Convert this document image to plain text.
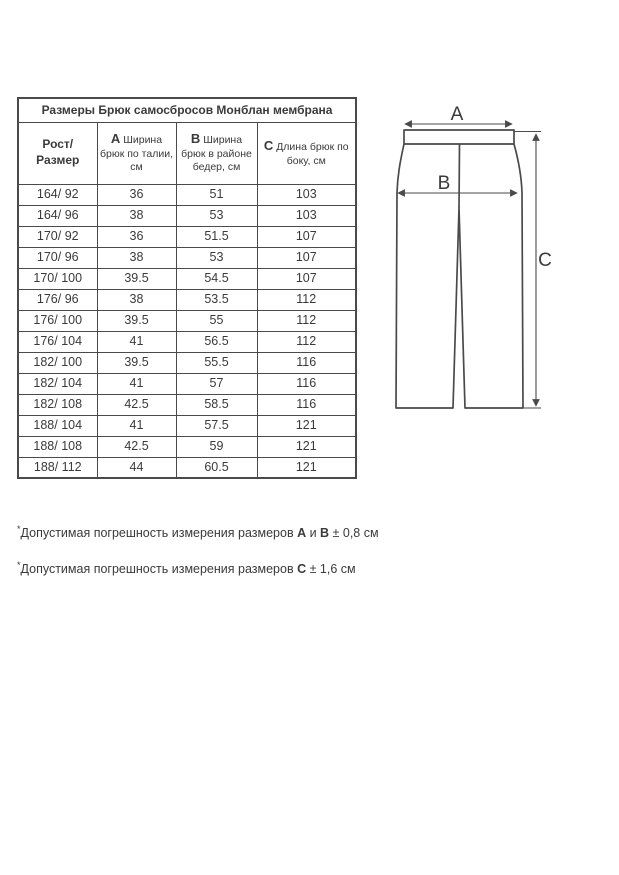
Размеры Брюк самосбросов Монблан мембрана			
Рост/Размер	A Ширина брюк по талии, см	B Ширина брюк в районе бедер, см	C Длина брюк по боку, см
164/ 92	36	51	103
164/ 96	38	53	103
170/ 92	36	51.5	107
170/ 96	38	53	107
170/ 100	39.5	54.5	107
176/ 96	38	53.5	112
176/ 100	39.5	55	112
176/ 104	41	56.5	112
182/ 100	39.5	55.5	116
182/ 104	41	57	116
182/ 108	42.5	58.5	116
188/ 104	41	57.5	121
188/ 108	42.5	59	121
188/ 112	44	60.5	121
A
B
C

*Допустимая погрешность измерения размеров A и B ± 0,8 см

*Допустимая погрешность измерения размеров C ± 1,6 см
